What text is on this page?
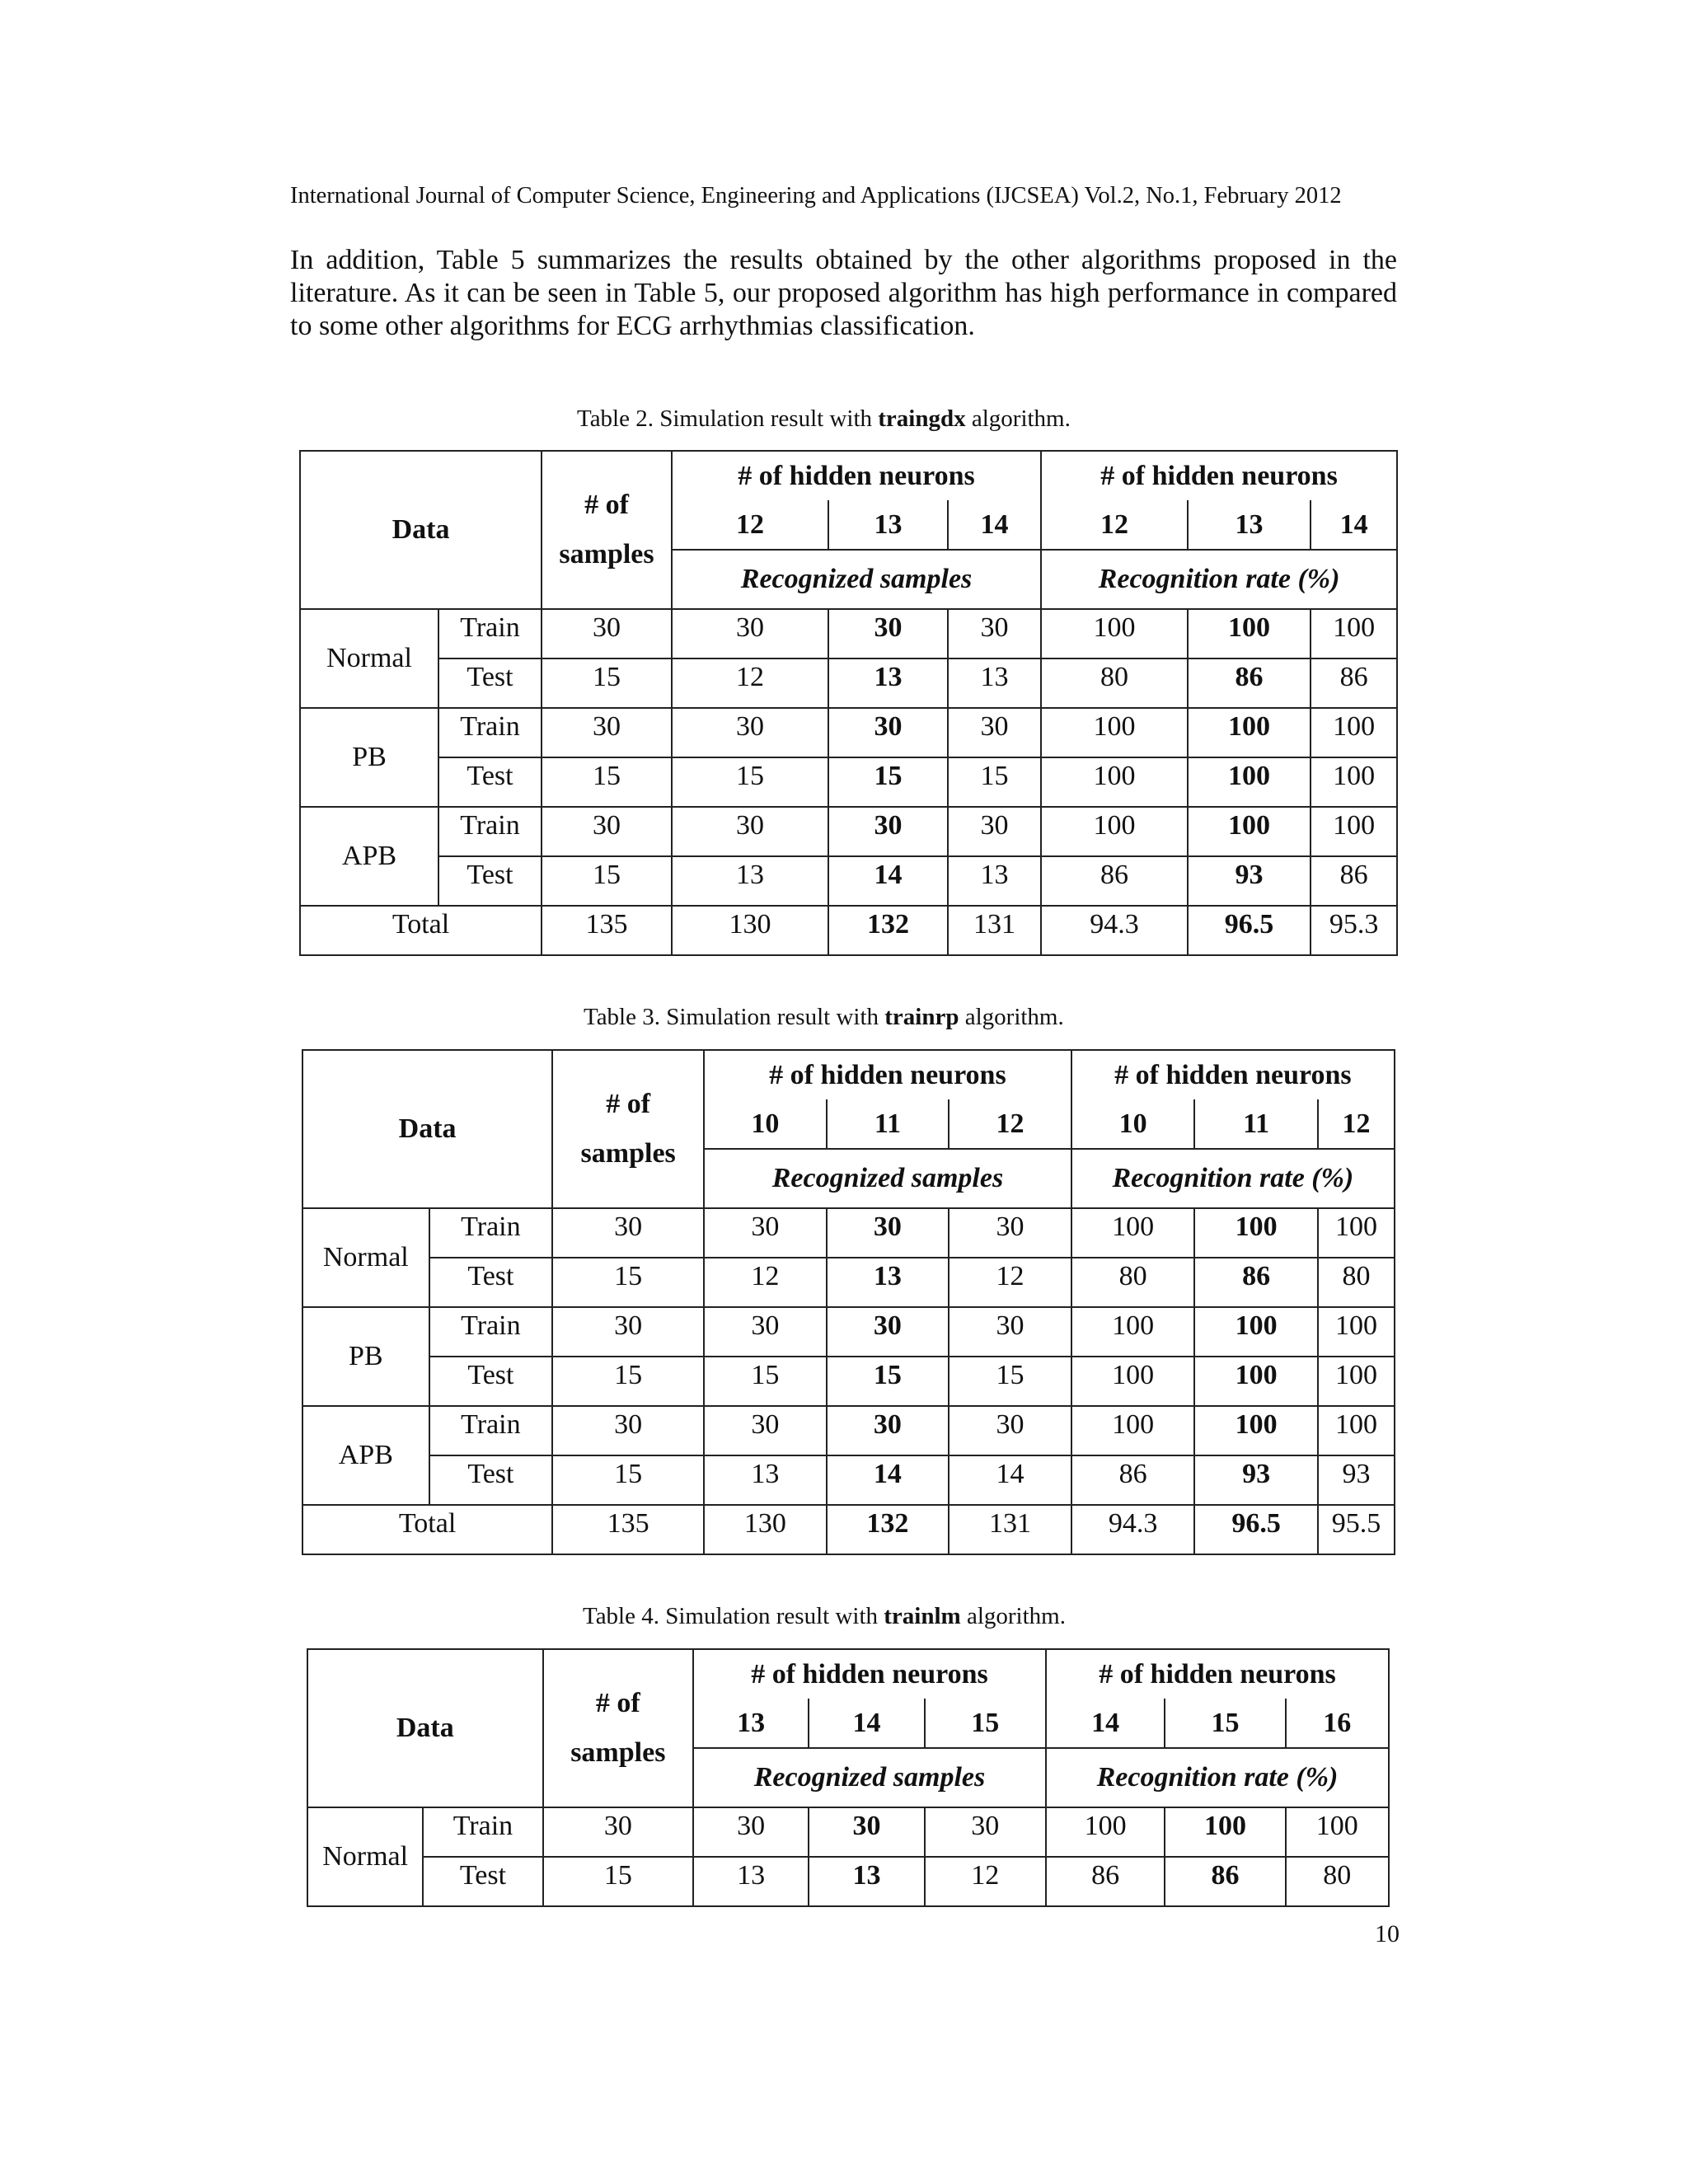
International Journal of Computer Science, Engineering and Applications (IJCSEA) Vol.2, No.1, February 2012

In addition, Table 5 summarizes the results obtained by the other algorithms proposed in the

literature. As it can be seen in Table 5, our proposed algorithm has high performance in compared

to some other algorithms for ECG arrhythmias classification.

Table 2. Simulation result with traingdx algorithm.
Data		# of
samples	# of hidden neurons			# of hidden neurons		
			12	13	14	12	13	14
			Recognized samples			Recognition rate (%)		
Normal	Train	30	30	30	30	100	100	100
	Test	15	12	13	13	80	86	86
PB	Train	30	30	30	30	100	100	100
	Test	15	15	15	15	100	100	100
APB	Train	30	30	30	30	100	100	100
	Test	15	13	14	13	86	93	86
Total		135	130	132	131	94.3	96.5	95.3
Table 3. Simulation result with trainrp algorithm.
Data		# of
samples	# of hidden neurons			# of hidden neurons		
			10	11	12	10	11	12
			Recognized samples			Recognition rate (%)		
Normal	Train	30	30	30	30	100	100	100
	Test	15	12	13	12	80	86	80
PB	Train	30	30	30	30	100	100	100
	Test	15	15	15	15	100	100	100
APB	Train	30	30	30	30	100	100	100
	Test	15	13	14	14	86	93	93
Total		135	130	132	131	94.3	96.5	95.5
Table 4. Simulation result with trainlm algorithm.
Data		# of
samples	# of hidden neurons			# of hidden neurons		
			13	14	15	14	15	16
			Recognized samples			Recognition rate (%)		
Normal	Train	30	30	30	30	100	100	100
	Test	15	13	13	12	86	86	80
10
